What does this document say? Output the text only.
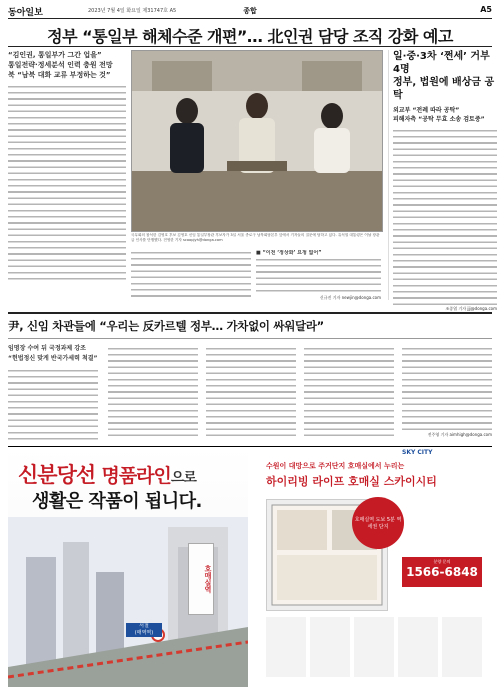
동아일보	2023년 7월 4일 화요일 제31747호 A5	종합	A5
정부 “통일부 해체수준 개편”… 北인권 담당 조직 강화 예고
“김인권, 통일부가 그간 업을”
통일전략·정세분석 인력 충원 전망
북 “남북 대화 교류 부정하는 것”
국무회의 참석한 김영호 후보 김영호 신임 통일부장관 후보자가 3일 서울 종로구 남북회담본부 앞에서 기자들의 질문에 답하고 있다. 유석열 대통령은 이날 장관급 인사를 단행했다. 전영한 기자 scoopjyh@donga.com
■ “이전 ‘정상화’ 요청 없어”
신규진 기자 newjin@donga.com
일·중·3차 ‘쩐세’ 거부 4명
정부, 법원에 배상금 공탁
외교부 “전례 따라 공탁”
피해자측 “공탁 무효 소송 검토중”
조종엽 기자 jjj@donga.com
尹, 신임 차관들에 “우리는 反카르텔 정부… 가차없이 싸워달라”
임명장 수여 뒤 국정과제 강조
“헌법정신 맞게 반국가세력 척결”
전주영 기자 aimhigh@donga.com
신분당선 명품라인으로
생활은 작품이 됩니다.
서철
(매역역)
호매실역
SKY CITY
수원이 대망으로 주거단지 호매실에서 누리는
하이리빙 라이프 호매실 스카이시티
호매실역 도보 5분 역세권 단지
분양 문의
1566-6848
